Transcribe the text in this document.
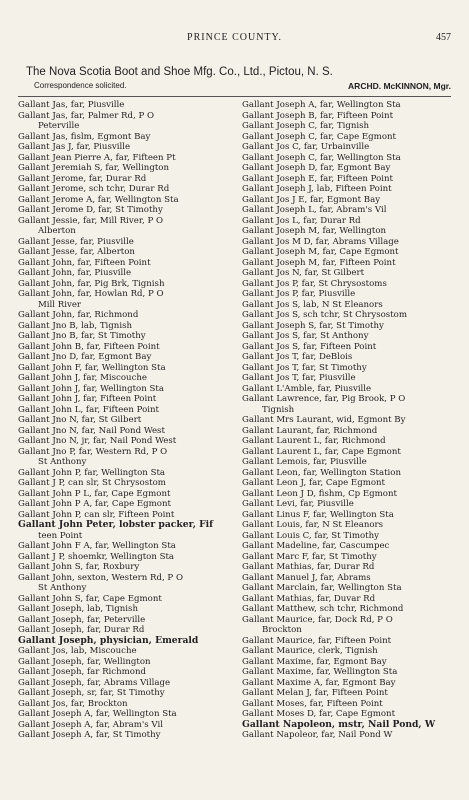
PRINCE COUNTY.	457
The Nova Scotia Boot and Shoe Mfg. Co., Ltd., Pictou, N. S.
Correspondence solicited.	ARCHD. McKINNON, Mgr.
Gallant Jas, far, Piusville
Gallant Jas, far, Palmer Rd, P O
Peterville
Gallant Jas, fislm, Egmont Bay
Gallant Jas J, far, Piusville
Gallant Jean Pierre A, far, Fifteen Pt
Gallant Jeremiah S, far, Wellington
Gallant Jerome, far, Durar Rd
Gallant Jerome, sch tchr, Durar Rd
Gallant Jerome A, far, Wellington Sta
Gallant Jerome D, far, St Timothy
Gallant Jessie, far, Mill River, P O
Alberton
Gallant Jesse, far, Piusville
Gallant Jesse, far, Alberton
Gallant John, far, Fifteen Point
Gallant John, far, Piusville
Gallant John, far, Pig Brk, Tignish
Gallant John, far, Howlan Rd, P O
Mill River
Gallant John, far, Richmond
Gallant Jno B, lab, Tignish
Gallant Jno B, far, St Timothy
Gallant John B, far, Fifteen Point
Gallant Jno D, far, Egmont Bay
Gallant John F, far, Wellington Sta
Gallant John J, far, Miscouche
Gallant John J, far, Wellington Sta
Gallant John J, far, Fifteen Point
Gallant John L, far, Fifteen Point
Gallant Jno N, far, St Gilbert
Gallant Jno N, far, Nail Pond West
Gallant Jno N, jr, far, Nail Pond West
Gallant Jno P, far, Western Rd, P O
St Anthony
Gallant John P, far, Wellington Sta
Gallant J P, can slr, St Chrysostom
Gallant John P L, far, Cape Egmont
Gallant John P A, far, Cape Egmont
Gallant John P, can slr, Fifteen Point
Gallant John Peter, lobster packer, Fif
teen Point
Gallant John F A, far, Wellington Sta
Gallant J P, shoemkr, Wellington Sta
Gallant John S, far, Roxbury
Gallant John, sexton, Western Rd, P O
St Anthony
Gallant John S, far, Cape Egmont
Gallant Joseph, lab, Tignish
Gallant Joseph, far, Peterville
Gallant Joseph, far, Durar Rd
Gallant Joseph, physician, Emerald
Gallant Jos, lab, Miscouche
Gallant Joseph, far, Wellington
Gallant Joseph, far Richmond
Gallant Joseph, far, Abrams Village
Gallant Joseph, sr, far, St Timothy
Gallant Jos, far, Brockton
Gallant Joseph A, far, Wellington Sta
Gallant Joseph A, far, Abram's Vil
Gallant Joseph A, far, St Timothy
Gallant Joseph A, far, Wellington Sta
Gallant Joseph B, far, Fifteen Point
Gallant Joseph C, far, Tignish
Gallant Joseph C, far, Cape Egmont
Gallant Jos C, far, Urbainville
Gallant Joseph C, far, Wellington Sta
Gallant Joseph D, far, Egmont Bay
Gallant Joseph E, far, Fifteen Point
Gallant Joseph J, lab, Fifteen Point
Gallant Jos J E, far, Egmont Bay
Gallant Joseph L, far, Abram's Vil
Gallant Jos L, far, Durar Rd
Gallant Joseph M, far, Wellington
Gallant Jos M D, far, Abrams Village
Gallant Joseph M, far, Cape Egmont
Gallant Joseph M, far, Fifteen Point
Gallant Jos N, far, St Gilbert
Gallant Jos P, far, St Chrysostoms
Gallant Jos P, far, Piusville
Gallant Jos S, lab, N St Eleanors
Gallant Jos S, sch tchr, St Chrysostom
Gallant Joseph S, far, St Timothy
Gallant Jos S, far, St Anthony
Gallant Jos S, far, Fifteen Point
Gallant Jos T, far, DeBlois
Gallant Jos T, far, St Timothy
Gallant Jos T, far, Piusville
Gallant L'Amble, far, Piusville
Gallant Lawrence, far, Pig Brook, P O
Tignish
Gallant Mrs Laurant, wid, Egmont By
Gallant Laurant, far, Richmond
Gallant Laurent L, far, Richmond
Gallant Laurent L, far, Cape Egmont
Gallant Lemois, far, Piusville
Gallant Leon, far, Wellington Station
Gallant Leon J, far, Cape Egmont
Gallant Leon J D, fishm, Cp Egmont
Gallant Levi, far, Piusville
Gallant Linus F, far, Wellington Sta
Gallant Louis, far, N St Eleanors
Gallant Louis C, far, St Timothy
Gallant Madeline, far, Cascumpec
Gallant Marc F, far, St Timothy
Gallant Mathias, far, Durar Rd
Gallant Manuel J, far, Abrams
Gallant Marclain, far, Wellington Sta
Gallant Mathias, far, Duvar Rd
Gallant Matthew, sch tchr, Richmond
Gallant Maurice, far, Dock Rd, P O
Brockton
Gallant Maurice, far, Fifteen Point
Gallant Maurice, clerk, Tignish
Gallant Maxime, far, Egmont Bay
Gallant Maxime, far, Wellington Sta
Gallant Maxime A, far, Egmont Bay
Gallant Melan J, far, Fifteen Point
Gallant Moses, far, Fifteen Point
Gallant Moses D, far, Cape Egmont
Gallant Napoleon, mstr, Nail Pond, W
Gallant Napoleor, far, Nail Pond W
